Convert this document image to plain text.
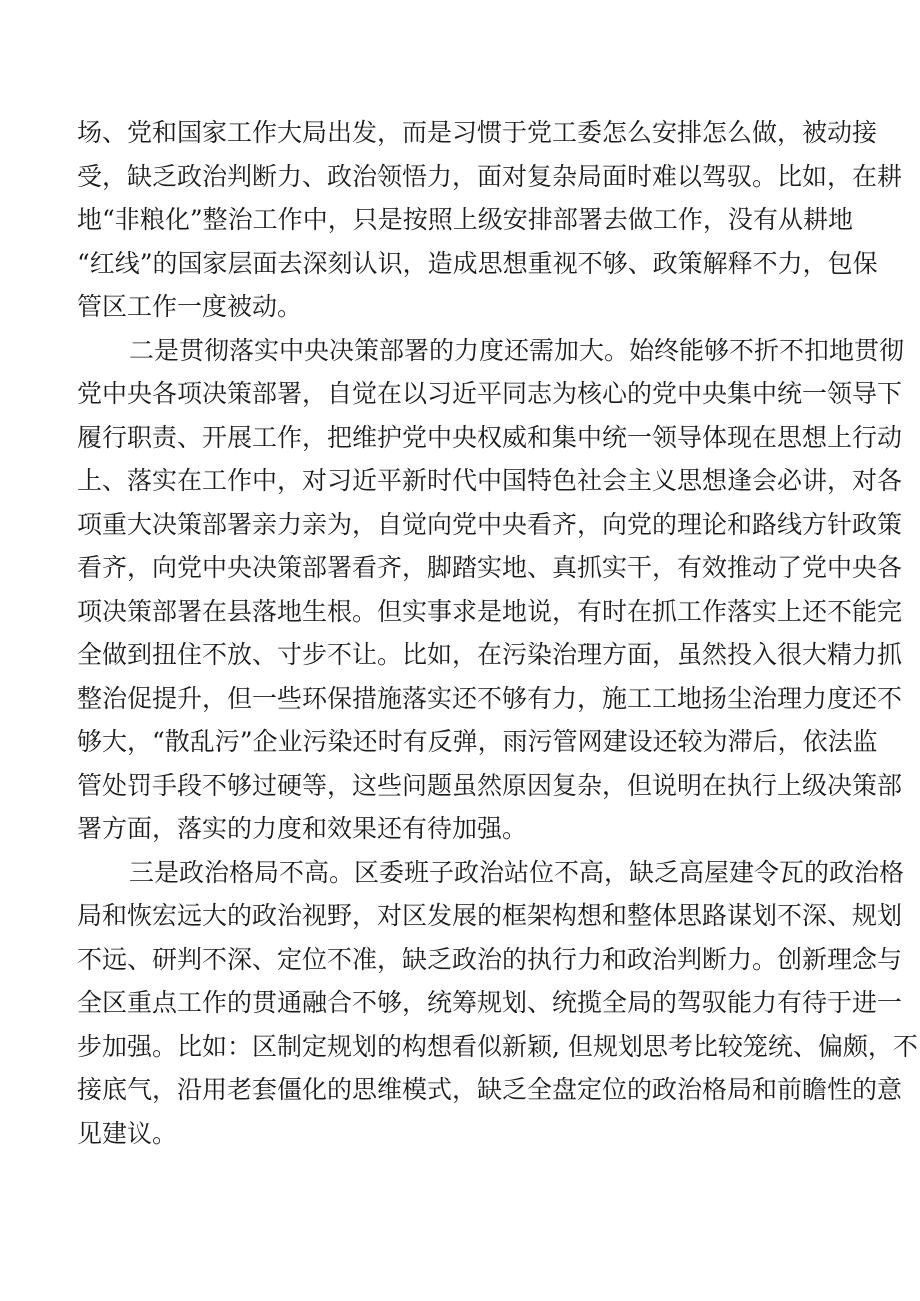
场、党和国家工作大局出发，而是习惯于党工委怎么安排怎么做，被动接
受，缺乏政治判断力、政治领悟力，面对复杂局面时难以驾驭。比如，在耕
地“非粮化”整治工作中，只是按照上级安排部署去做工作，没有从耕地
“红线”的国家层面去深刻认识，造成思想重视不够、政策解释不力，包保
管区工作一度被动。
二是贯彻落实中央决策部署的力度还需加大。始终能够不折不扣地贯彻
党中央各项决策部署，自觉在以习近平同志为核心的党中央集中统一领导下
履行职责、开展工作，把维护党中央权威和集中统一领导体现在思想上行动
上、落实在工作中，对习近平新时代中国特色社会主义思想逢会必讲，对各
项重大决策部署亲力亲为，自觉向党中央看齐，向党的理论和路线方针政策
看齐，向党中央决策部署看齐，脚踏实地、真抓实干，有效推动了党中央各
项决策部署在县落地生根。但实事求是地说，有时在抓工作落实上还不能完
全做到扭住不放、寸步不让。比如，在污染治理方面，虽然投入很大精力抓
整治促提升，但一些环保措施落实还不够有力，施工工地扬尘治理力度还不
够大，“散乱污”企业污染还时有反弹，雨污管网建设还较为滞后，依法监
管处罚手段不够过硬等，这些问题虽然原因复杂，但说明在执行上级决策部
署方面，落实的力度和效果还有待加强。
三是政治格局不高。区委班子政治站位不高，缺乏高屋建令瓦的政治格
局和恢宏远大的政治视野，对区发展的框架构想和整体思路谋划不深、规划
不远、研判不深、定位不准，缺乏政治的执行力和政治判断力。创新理念与
全区重点工作的贯通融合不够，统筹规划、统揽全局的驾驭能力有待于进一
步加强。比如：区制定规划的构想看似新颖, 但规划思考比较笼统、偏颇，不
接底气，沿用老套僵化的思维模式，缺乏全盘定位的政治格局和前瞻性的意
见建议。
